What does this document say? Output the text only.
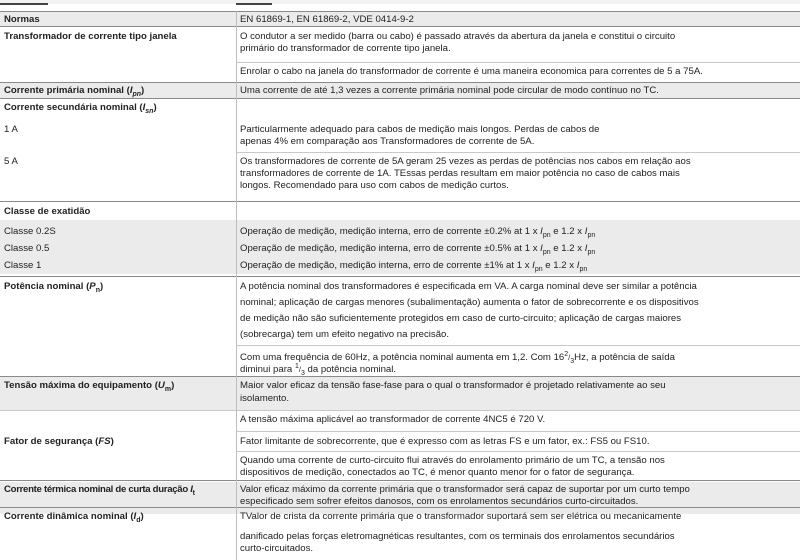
Normas	EN 61869-1, EN 61869-2, VDE 0414-9-2
Transformador de corrente tipo janela	O condutor a ser medido (barra ou cabo) é passado através da abertura da janela e constitui o circuito
primário do transformador de corrente tipo janela.
Enrolar o cabo na janela do transformador de corrente é uma maneira economica para correntes de 5 a 75A.
Corrente primária nominal $(I_{pn})$	Uma corrente de até 1,3 vezes a corrente primária nominal pode circular de modo contínuo no TC.
Corrente secundária nominal $(I_{sn})$
1 A	Particularmente adequado para cabos de medição mais longos. Perdas de cabos de
apenas 4% em comparação aos Transformadores de corrente de 5A.
5 A	Os transformadores de corrente de 5A geram 25 vezes as perdas de potências nos cabos em relação aos
transformadores de corrente de 1A. TEssas perdas resultam em maior potência no caso de cabos mais
longos. Recomendado para uso com cabos de medição curtos.
Classe de exatidão
Classe 0.2S	Operação de medição, medição interna, erro de corrente ±0.2% at 1 x $I_{pn}$ e 1.2 x $I_{pn}$
Classe 0.5	Operação de medição, medição interna, erro de corrente ±0.5% at 1 x $I_{pn}$ e 1.2 x $I_{pn}$
Classe 1	Operação de medição, medição interna, erro de corrente ±1% at 1 x $I_{pn}$ e 1.2 x $I_{pn}$
Potência nominal $(P_n)$	A potência nominal dos transformadores é especificada em VA. A carga nominal deve ser similar a potência
nominal; aplicação de cargas menores (subalimentação) aumenta o fator de sobrecorrente e os dispositivos
de medição não são suficientemente protegidos em caso de curto-circuito; aplicação de cargas maiores
(sobrecarga) tem um efeito negativo na precisão.
Com uma frequência de 60Hz, a potência nominal aumenta em 1,2. Com $16^2/_3Hz$, a potência de saída
diminui para $^1/_3$ da potência nominal.
Tensão máxima do equipamento $(U_m)$	Maior valor eficaz da tensão fase-fase para o qual o transformador é projetado relativamente ao seu
isolamento.
A tensão máxima aplicável ao transformador de corrente 4NC5 é 720 V.
Fator de segurança (FS)	Fator limitante de sobrecorrente, que é expresso com as letras FS e um fator, ex.: FS5 ou FS10.
Quando uma corrente de curto-circuito flui através do enrolamento primário de um TC, a tensão nos
dispositivos de medição, conectados ao TC, é menor quanto menor for o fator de segurança.
Corrente térmica nominal de curta duração $I_t$	Valor eficaz máximo da corrente primária que o transformador será capaz de suportar por um curto tempo
especificado sem sofrer efeitos danosos, com os enrolamentos secundários curto-circuitados.
Corrente dinâmica nominal $(I_d)$	TValor de crista da corrente primária que o transformador suportará sem ser elétrica ou mecanicamente
danificado pelas forças eletromagnéticas resultantes, com os terminais dos enrolamentos secundários
curto-circuitados.
